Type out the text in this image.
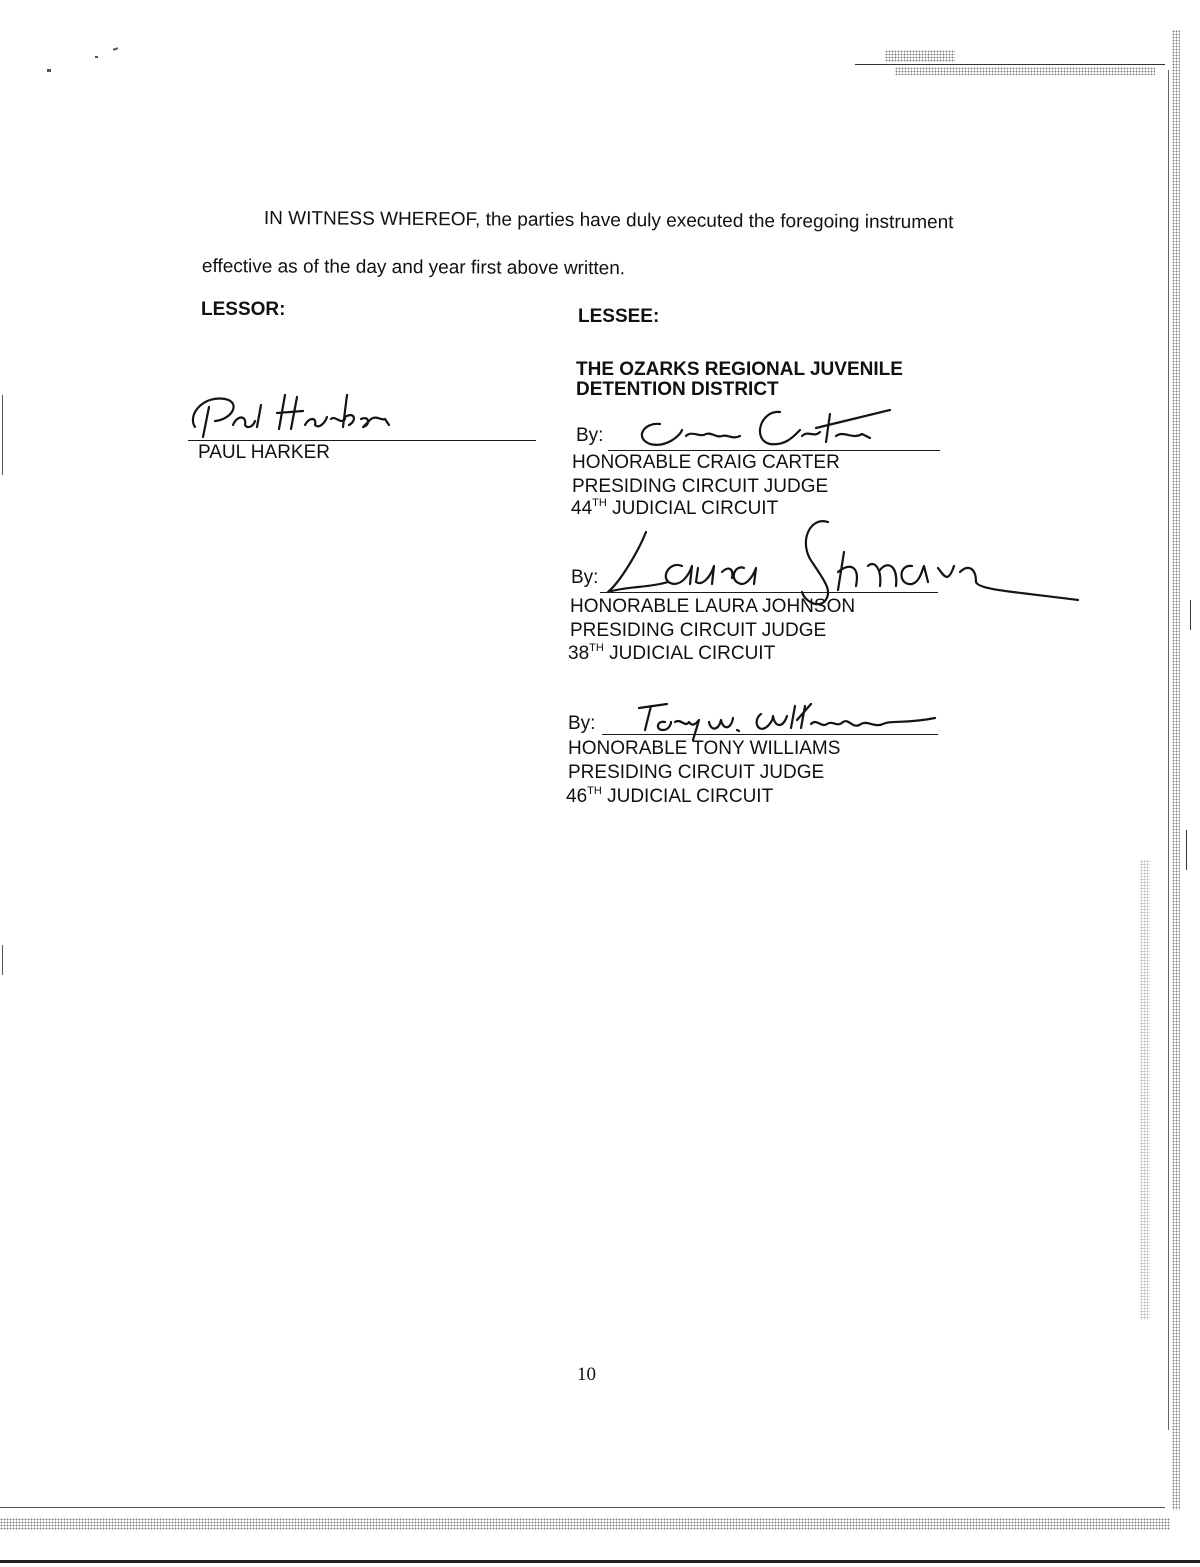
IN WITNESS WHEREOF, the parties have duly executed the foregoing instrument
effective as of the day and year first above written.
LESSOR:
PAUL HARKER
LESSEE:
THE OZARKS REGIONAL JUVENILE
DETENTION DISTRICT
By:
HONORABLE CRAIG CARTER
PRESIDING CIRCUIT JUDGE
44TH JUDICIAL CIRCUIT
By:
HONORABLE LAURA JOHNSON
PRESIDING CIRCUIT JUDGE
38TH JUDICIAL CIRCUIT
By:
HONORABLE TONY WILLIAMS
PRESIDING CIRCUIT JUDGE
46TH JUDICIAL CIRCUIT
10
